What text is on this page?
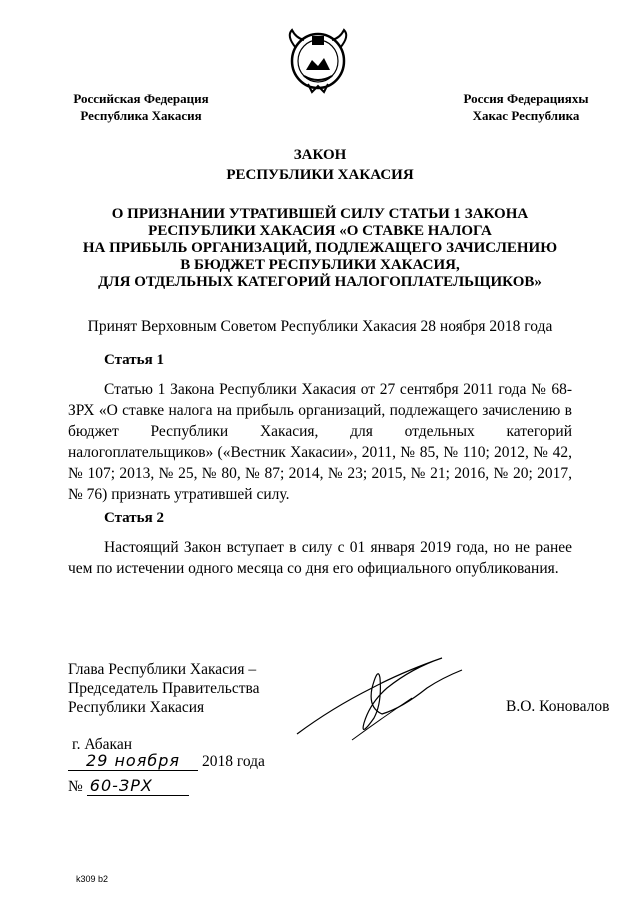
Российская Федерация
Республика Хакасия
Россия Федерацияхы
Хакас Республика
ЗАКОН
РЕСПУБЛИКИ ХАКАСИЯ
О ПРИЗНАНИИ УТРАТИВШЕЙ СИЛУ СТАТЬИ 1 ЗАКОНА
РЕСПУБЛИКИ ХАКАСИЯ «О СТАВКЕ НАЛОГА
НА ПРИБЫЛЬ ОРГАНИЗАЦИЙ, ПОДЛЕЖАЩЕГО ЗАЧИСЛЕНИЮ
В БЮДЖЕТ РЕСПУБЛИКИ ХАКАСИЯ,
ДЛЯ ОТДЕЛЬНЫХ КАТЕГОРИЙ НАЛОГОПЛАТЕЛЬЩИКОВ»
Принят Верховным Советом Республики Хакасия 28 ноября 2018 года
Статья 1
Статью 1 Закона Республики Хакасия от 27 сентября 2011 года № 68-ЗРХ «О ставке налога на прибыль организаций, подлежащего зачислению в бюджет Республики Хакасия, для отдельных категорий налогоплательщиков» («Вестник Хакасии», 2011, № 85, № 110; 2012, № 42, № 107; 2013, № 25, № 80, № 87; 2014, № 23; 2015, № 21; 2016, № 20; 2017, № 76) признать утратившей силу.
Статья 2
Настоящий Закон вступает в силу с 01 января 2019 года, но не ранее чем по истечении одного месяца со дня его официального опубликования.
Глава Республики Хакасия –
Председатель Правительства
Республики Хакасия	В.О. Коновалов
г. Абакан
29 ноября 2018 года
№ 60-ЗРХ
k309 b2
